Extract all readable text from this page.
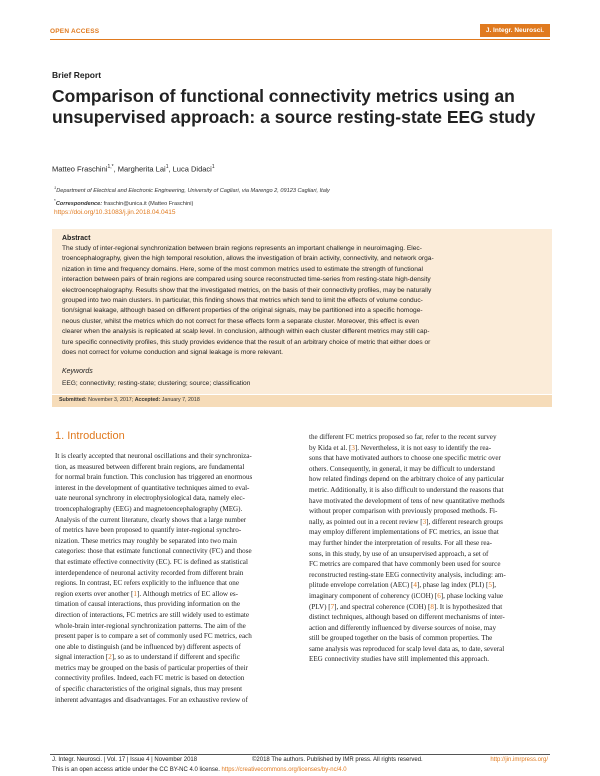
OPEN ACCESS	J. Integr. Neurosci.
Brief Report
Comparison of functional connectivity metrics using an unsupervised approach: a source resting-state EEG study
Matteo Fraschini$^{1,*}$, Margherita Lai$^1$, Luca Didaci$^1$
$^1$Department of Electrical and Electronic Engineering, University of Cagliari, via Marengo 2, 09123 Cagliari, Italy
*Correspondence: fraschin@unica.it (Matteo Fraschini)
https://doi.org/10.31083/j.jin.2018.04.0415
Abstract
The study of inter-regional synchronization between brain regions represents an important challenge in neuroimaging. Elec-
troencephalography, given the high temporal resolution, allows the investigation of brain activity, connectivity, and network orga-
nization in time and frequency domains. Here, some of the most common metrics used to estimate the strength of functional
interaction between pairs of brain regions are compared using source reconstructed time-series from resting-state high-density
electroencephalography. Results show that the investigated metrics, on the basis of their connectivity profiles, may be naturally
grouped into two main clusters. In particular, this finding shows that metrics which tend to limit the effects of volume conduc-
tion/signal leakage, although based on different properties of the original signals, may be partitioned into a specific homoge-
neous cluster, whilst the metrics which do not correct for these effects form a separate cluster. Moreover, this effect is even
clearer when the analysis is replicated at scalp level. In conclusion, although within each cluster different metrics may still cap-
ture specific connectivity profiles, this study provides evidence that the result of an arbitrary choice of metric that either does or
does not correct for volume conduction and signal leakage is more relevant.
Keywords
EEG; connectivity; resting-state; clustering; source; classification
Submitted: November 3, 2017; Accepted: January 7, 2018
1. Introduction
It is clearly accepted that neuronal oscillations and their synchroniza-
tion, as measured between different brain regions, are fundamental
for normal brain function. This conclusion has triggered an enormous
interest in the development of quantitative techniques aimed to eval-
uate neuronal synchrony in electrophysiological data, namely elec-
troencephalography (EEG) and magnetoencephalography (MEG).
Analysis of the current literature, clearly shows that a large number
of metrics have been proposed to quantify inter-regional synchro-
nization. These metrics may roughly be separated into two main
categories: those that estimate functional connectivity (FC) and those
that estimate effective connectivity (EC). FC is defined as statistical
interdependence of neuronal activity recorded from different brain
regions. In contrast, EC refers explicitly to the influence that one
region exerts over another [1]. Although metrics of EC allow es-
timation of causal interactions, thus providing information on the
direction of interactions, FC metrics are still widely used to estimate
whole-brain inter-regional synchronization patterns. The aim of the
present paper is to compare a set of commonly used FC metrics, each
one able to distinguish (and be influenced by) different aspects of
signal interaction [2], so as to understand if different and specific
metrics may be grouped on the basis of particular properties of their
connectivity profiles. Indeed, each FC metric is based on detection
of specific characteristics of the original signals, thus may present
inherent advantages and disadvantages. For an exhaustive review of
the different FC metrics proposed so far, refer to the recent survey
by Kida et al. [3]. Nevertheless, it is not easy to identify the rea-
sons that have motivated authors to choose one specific metric over
others. Consequently, in general, it may be difficult to understand
how related findings depend on the arbitrary choice of any particular
metric. Additionally, it is also difficult to understand the reasons that
have motivated the development of tens of new quantitative methods
without proper comparison with previously proposed methods. Fi-
nally, as pointed out in a recent review [3], different research groups
may employ different implementations of FC metrics, an issue that
may further hinder the interpretation of results. For all these rea-
sons, in this study, by use of an unsupervised approach, a set of
FC metrics are compared that have commonly been used for source
reconstructed resting-state EEG connectivity analysis, including: am-
plitude envelope correlation (AEC) [4], phase lag index (PLI) [5],
imaginary component of coherency (iCOH) [6], phase locking value
(PLV) [7], and spectral coherence (COH) [8]. It is hypothesized that
distinct techniques, although based on different mechanisms of inter-
action and differently influenced by diverse sources of noise, may
still be grouped together on the basis of common properties. The
same analysis was reproduced for scalp level data as, to date, several
EEG connectivity studies have still implemented this approach.
J. Integr. Neurosci. | Vol. 17 | Issue 4 | November 2018	©2018 The authors. Published by IMR press. All rights reserved.	http://jin.imrpress.org/
This is an open access article under the CC BY-NC 4.0 license. https://creativecommons.org/licenses/by-nc/4.0
